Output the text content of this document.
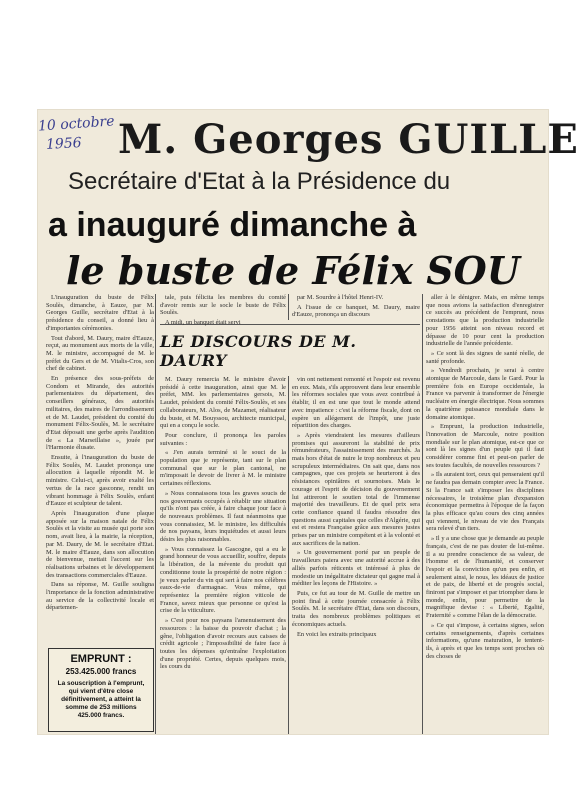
10 octobre
1956 M. Georges GUILLE
Secrétaire d'Etat à la Présidence du
a inauguré dimanche à
le buste de Félix SOU

L'inauguration du buste de Félix Soulès, dimanche, à Eauze, par M. Georges Guille, secrétaire d'Etat à la présidence du conseil, a donné lieu à d'importantes cérémonies.

Tout d'abord, M. Daury, maire d'Eauze, reçut, au monument aux morts de la ville, M. le ministre, accompagné de M. le préfet du Gers et de M. Vitalis-Cros, son chef de cabinet.

En présence des sous-préfets de Condom et Mirande, des autorités parlementaires du département, des conseillers généraux, des autorités militaires, des maires de l'arrondissement et de M. Laudet, président du comité du monument Félix-Soulès, M. le secrétaire d'Etat déposait une gerbe après l'audition de « La Marseillaise », jouée par l'Harmonie élusate.

Ensuite, à l'inauguration du buste de Félix Soulès, M. Laudet prononça une allocution à laquelle répondit M. le ministre. Celui-ci, après avoir exalté les vertus de la race gasconne, rendit un vibrant hommage à Félix Soulès, enfant d'Eauze et sculpteur de talent.

Après l'inauguration d'une plaque apposée sur la maison natale de Félix Soulès et la visite au musée qui porte son nom, avait lieu, à la mairie, la réception, par M. Daury, de M. le secrétaire d'Etat. M. le maire d'Eauze, dans son allocution de bienvenue, mettait l'accent sur les réalisations urbaines et le développement des transactions commerciales d'Eauze.

Dans sa réponse, M. Guille souligna l'importance de la fonction administrative au service de la collectivité locale et départemen-

tale, puis félicita les membres du comité d'avoir remis sur le socle le buste de Félix Soulès.

A midi, un banquet était servi

par M. Sourdre à l'hôtel Henri-IV.

A l'issue de ce banquet, M. Daury, maire d'Eauze, prononça un discours

LE DISCOURS DE M. DAURY

M. Daury remercia M. le ministre d'avoir présidé à cette inauguration, ainsi que M. le préfet, MM. les parlementaires gersois, M. Laudet, président du comité Félix-Soulès, et ses collaborateurs, M. Alos, de Mazamet, réalisateur du buste, et M. Bouyssou, architecte municipal, qui en a conçu le socle.

Pour conclure, il prononça les paroles suivantes :

« J'en aurais terminé si le souci de la population que je représente, tant sur le plan communal que sur le plan cantonal, ne m'imposait le devoir de livrer à M. le ministre certaines réflexions.

» Nous connaissons tous les graves soucis de nos gouvernants occupés à rétablir une situation qu'ils n'ont pas créée, à faire chaque jour face à de nouveaux problèmes. Il faut néanmoins que vous connaissiez, M. le ministre, les difficultés de nos paysans, leurs inquiétudes et aussi leurs désirs les plus raisonnables.

» Vous connaissez la Gascogne, qui a eu le grand honneur de vous accueillir, souffre, depuis la libération, de la mévente du produit qui conditionne toute la prospérité de notre région : je veux parler du vin qui sert à faire nos célèbres eaux-de-vie d'armagnac. Vous même, qui représentez la première région viticole de France, savez mieux que personne ce qu'est la crise de la viticulture.

» C'est pour nos paysans l'amenuisement des ressources : la baisse du pouvoir d'achat ; la gêne, l'obligation d'avoir recours aux caisses de crédit agricole ; l'impossibilité de faire face à toutes les dépenses qu'entraîne l'exploitation d'une propriété. Certes, depuis quelques mois, les cours du

vin ont nettement remonté et l'espoir est revenu en eux. Mais, s'ils approuvent dans leur ensemble les réformes sociales que vous avez contribué à établir, il en est une que tout le monde attend avec impatience : c'est la réforme fiscale, dont on espère un allégement de l'impôt, une juste répartition des charges.

» Après viendraient les mesures d'ailleurs promises qui assureront la stabilité de prix rémunérateurs, l'assainissement des marchés. Ja mais hors d'état de nuire le trop nombreux et peu scrupuleux intermédiaires. On sait que, dans nos campagnes, que ces projets se heurteront à des résistances opiniâtres et sournoises. Mais le courage et l'esprit de décision du gouvernement lui attireront le soutien total de l'immense majorité des travailleurs. Et de quel prix sera cette confiance quand il faudra résoudre des questions aussi capitales que celles d'Algérie, qui est et restera Française grâce aux mesures justes prises par un ministre compétent et à la volonté et aux sacrifices de la nation.

» Un gouvernement porté par un peuple de travailleurs paiera avec une autorité accrue à des alliés parfois réticents et intéressé à plus de modestie un inégalitaire dictateur qui gagne mal à méditer les leçons de l'Histoire. »

Puis, ce fut au tour de M. Guille de mettre un point final à cette journée consacrée à Félix Soulès. M. le secrétaire d'Etat, dans son discours, traita des nombreux problèmes politiques et économiques actuels.

En voici les extraits principaux

aller à le dénigrer. Mais, en même temps que nous avions la satisfaction d'enregistrer ce succès au précédent de l'emprunt, nous constations que la production industrielle pour 1956 atteint son niveau record et dépasse de 10 pour cent la production industrielle de l'année précédente.

» Ce sont là des signes de santé réelle, de santé profonde.

» Vendredi prochain, je serai à centre atomique de Marcoule, dans le Gard. Pour la première fois en Europe occidentale, la France va parvenir à transformer de l'énergie nucléaire en énergie électrique. Nous sommes la quatrième puissance mondiale dans le domaine atomique.

» Emprunt, la production industrielle, l'innovation de Marcoule, notre position mondiale sur le plan atomique, est-ce que ce sont là les signes d'un peuple qui il faut considérer comme fini et peut-on parler de ses toutes facultés, de nouvelles ressources ?

» Ils auraient tort, ceux qui penseraient qu'il ne faudra pas demain compter avec la France. Si la France sait s'imposer les disciplines nécessaires, le troisième plan d'expansion économique permettra à l'époque de la façon la plus efficace qu'au cours des cinq années qui viennent, le niveau de vie des Français sera relevé d'un tiers.

» Il y a une chose que je demande au peuple français, c'est de ne pas douter de lui-même. Il a su prendre conscience de sa valeur, de l'homme et de l'humanité, et conserver l'espoir et la conviction qu'un peu enfin, et seulement ainsi, le nous, les idéaux de justice et de paix, de liberté et de progrès social, finiront par s'imposer et par triompher dans le monde, enfin, pour permettre de la magnifique devise : « Liberté, Egalité, Fraternité » comme l'élan de la démocratie.

» Ce qui s'impose, à certains signes, selon certains renseignements, d'après certaines informations, qu'une maturation, le tentent-ils, à après et que les temps sont proches où des choses de

EMPRUNT :
253.425.000 francs
La souscription à l'emprunt, qui vient d'être close définitivement, a atteint la somme de 253 millions 425.000 francs.
